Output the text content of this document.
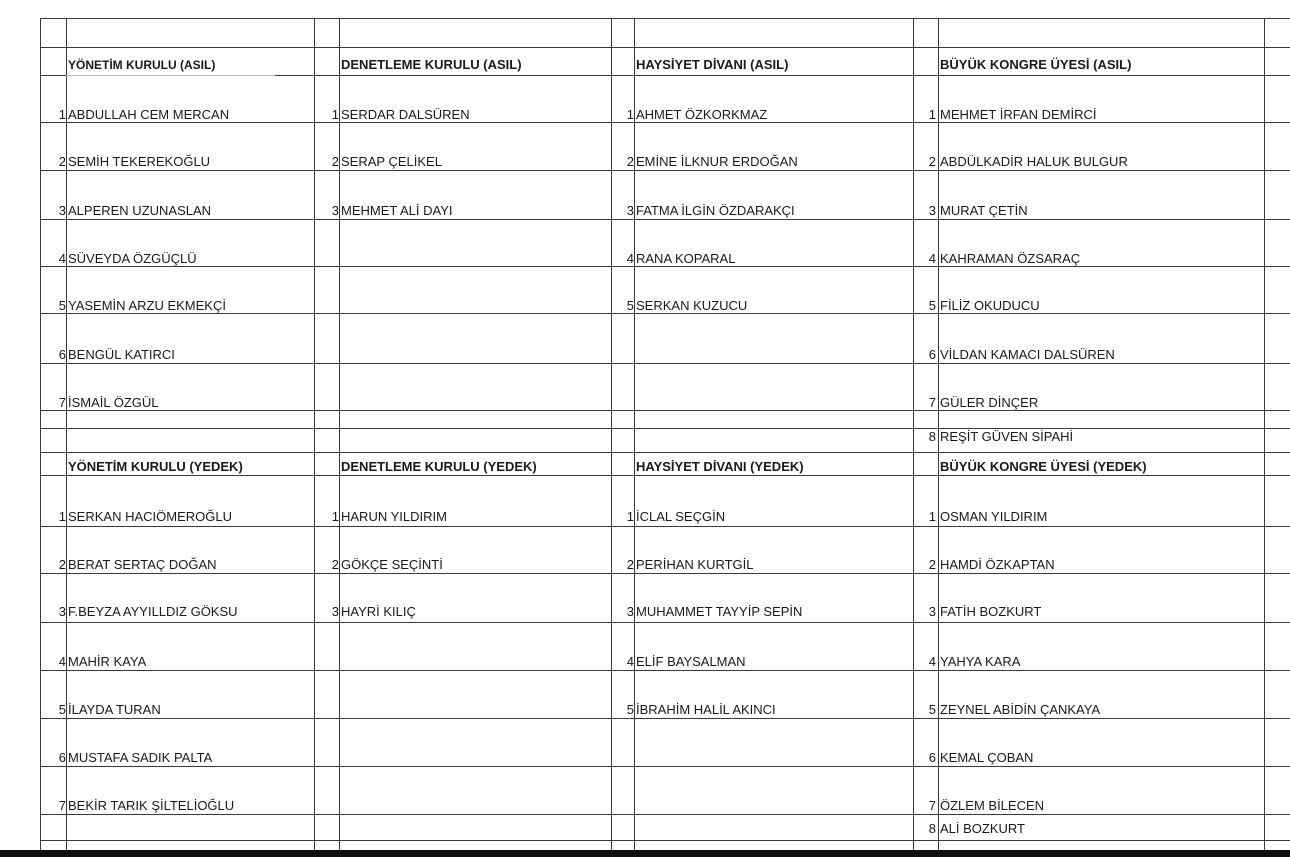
YÖNETİM KURULU (ASIL)
1 ABDULLAH CEM MERCAN
2 SEMİH TEKEREKOĞLU
3 ALPEREN UZUNASLAN
4 SÜVEYDA ÖZGÜÇLÜ
5 YASEMİN ARZU EKMEKÇİ
6 BENGÜL KATIRCI
7 İSMAİL ÖZGÜL
DENETLEME KURULU (ASIL)
1 SERDAR DALSÜREN
2 SERAP ÇELİKEL
3 MEHMET ALİ DAYI
HAYSİYET DİVANI (ASIL)
1 AHMET ÖZKORKMAZ
2 EMİNE İLKNUR ERDOĞAN
3 FATMA İLGİN ÖZDARAKÇI
4 RANA KOPARAL
5 SERKAN KUZUCU
BÜYÜK KONGRE ÜYESİ (ASIL)
1 MEHMET İRFAN DEMİRCİ
2 ABDÜLKADİR HALUK BULGUR
3 MURAT ÇETİN
4 KAHRAMAN ÖZSARAÇ
5 FİLİZ OKUDUCU
6 VİLDAN KAMACI DALSÜREN
7 GÜLER DİNÇER
8 REŞİT GÜVEN SİPAHİ
YÖNETİM KURULU (YEDEK)
1 SERKAN HACIÖMEROĞLU
2 BERAT SERTAÇ DOĞAN
3 F.BEYZA AYYILLDIZ GÖKSU
4 MAHİR KAYA
5 İLAYDA TURAN
6 MUSTAFA SADIK PALTA
7 BEKİR TARIK ŞİLTELİOĞLU
DENETLEME KURULU (YEDEK)
1 HARUN YILDIRIM
2 GÖKÇE SEÇİNTİ
3 HAYRİ KILIÇ
HAYSİYET DİVANI (YEDEK)
1 İCLAL SEÇGİN
2 PERİHAN KURTGİL
3 MUHAMMET TAYYİP SEPİN
4 ELİF BAYSALMAN
5 İBRAHİM HALİL AKINCI
BÜYÜK KONGRE ÜYESİ (YEDEK)
1 OSMAN YILDIRIM
2 HAMDİ ÖZKAPTAN
3 FATİH BOZKURT
4 YAHYA KARA
5 ZEYNEL ABİDİN ÇANKAYA
6 KEMAL ÇOBAN
7 ÖZLEM BİLECEN
8 ALİ BOZKURT
